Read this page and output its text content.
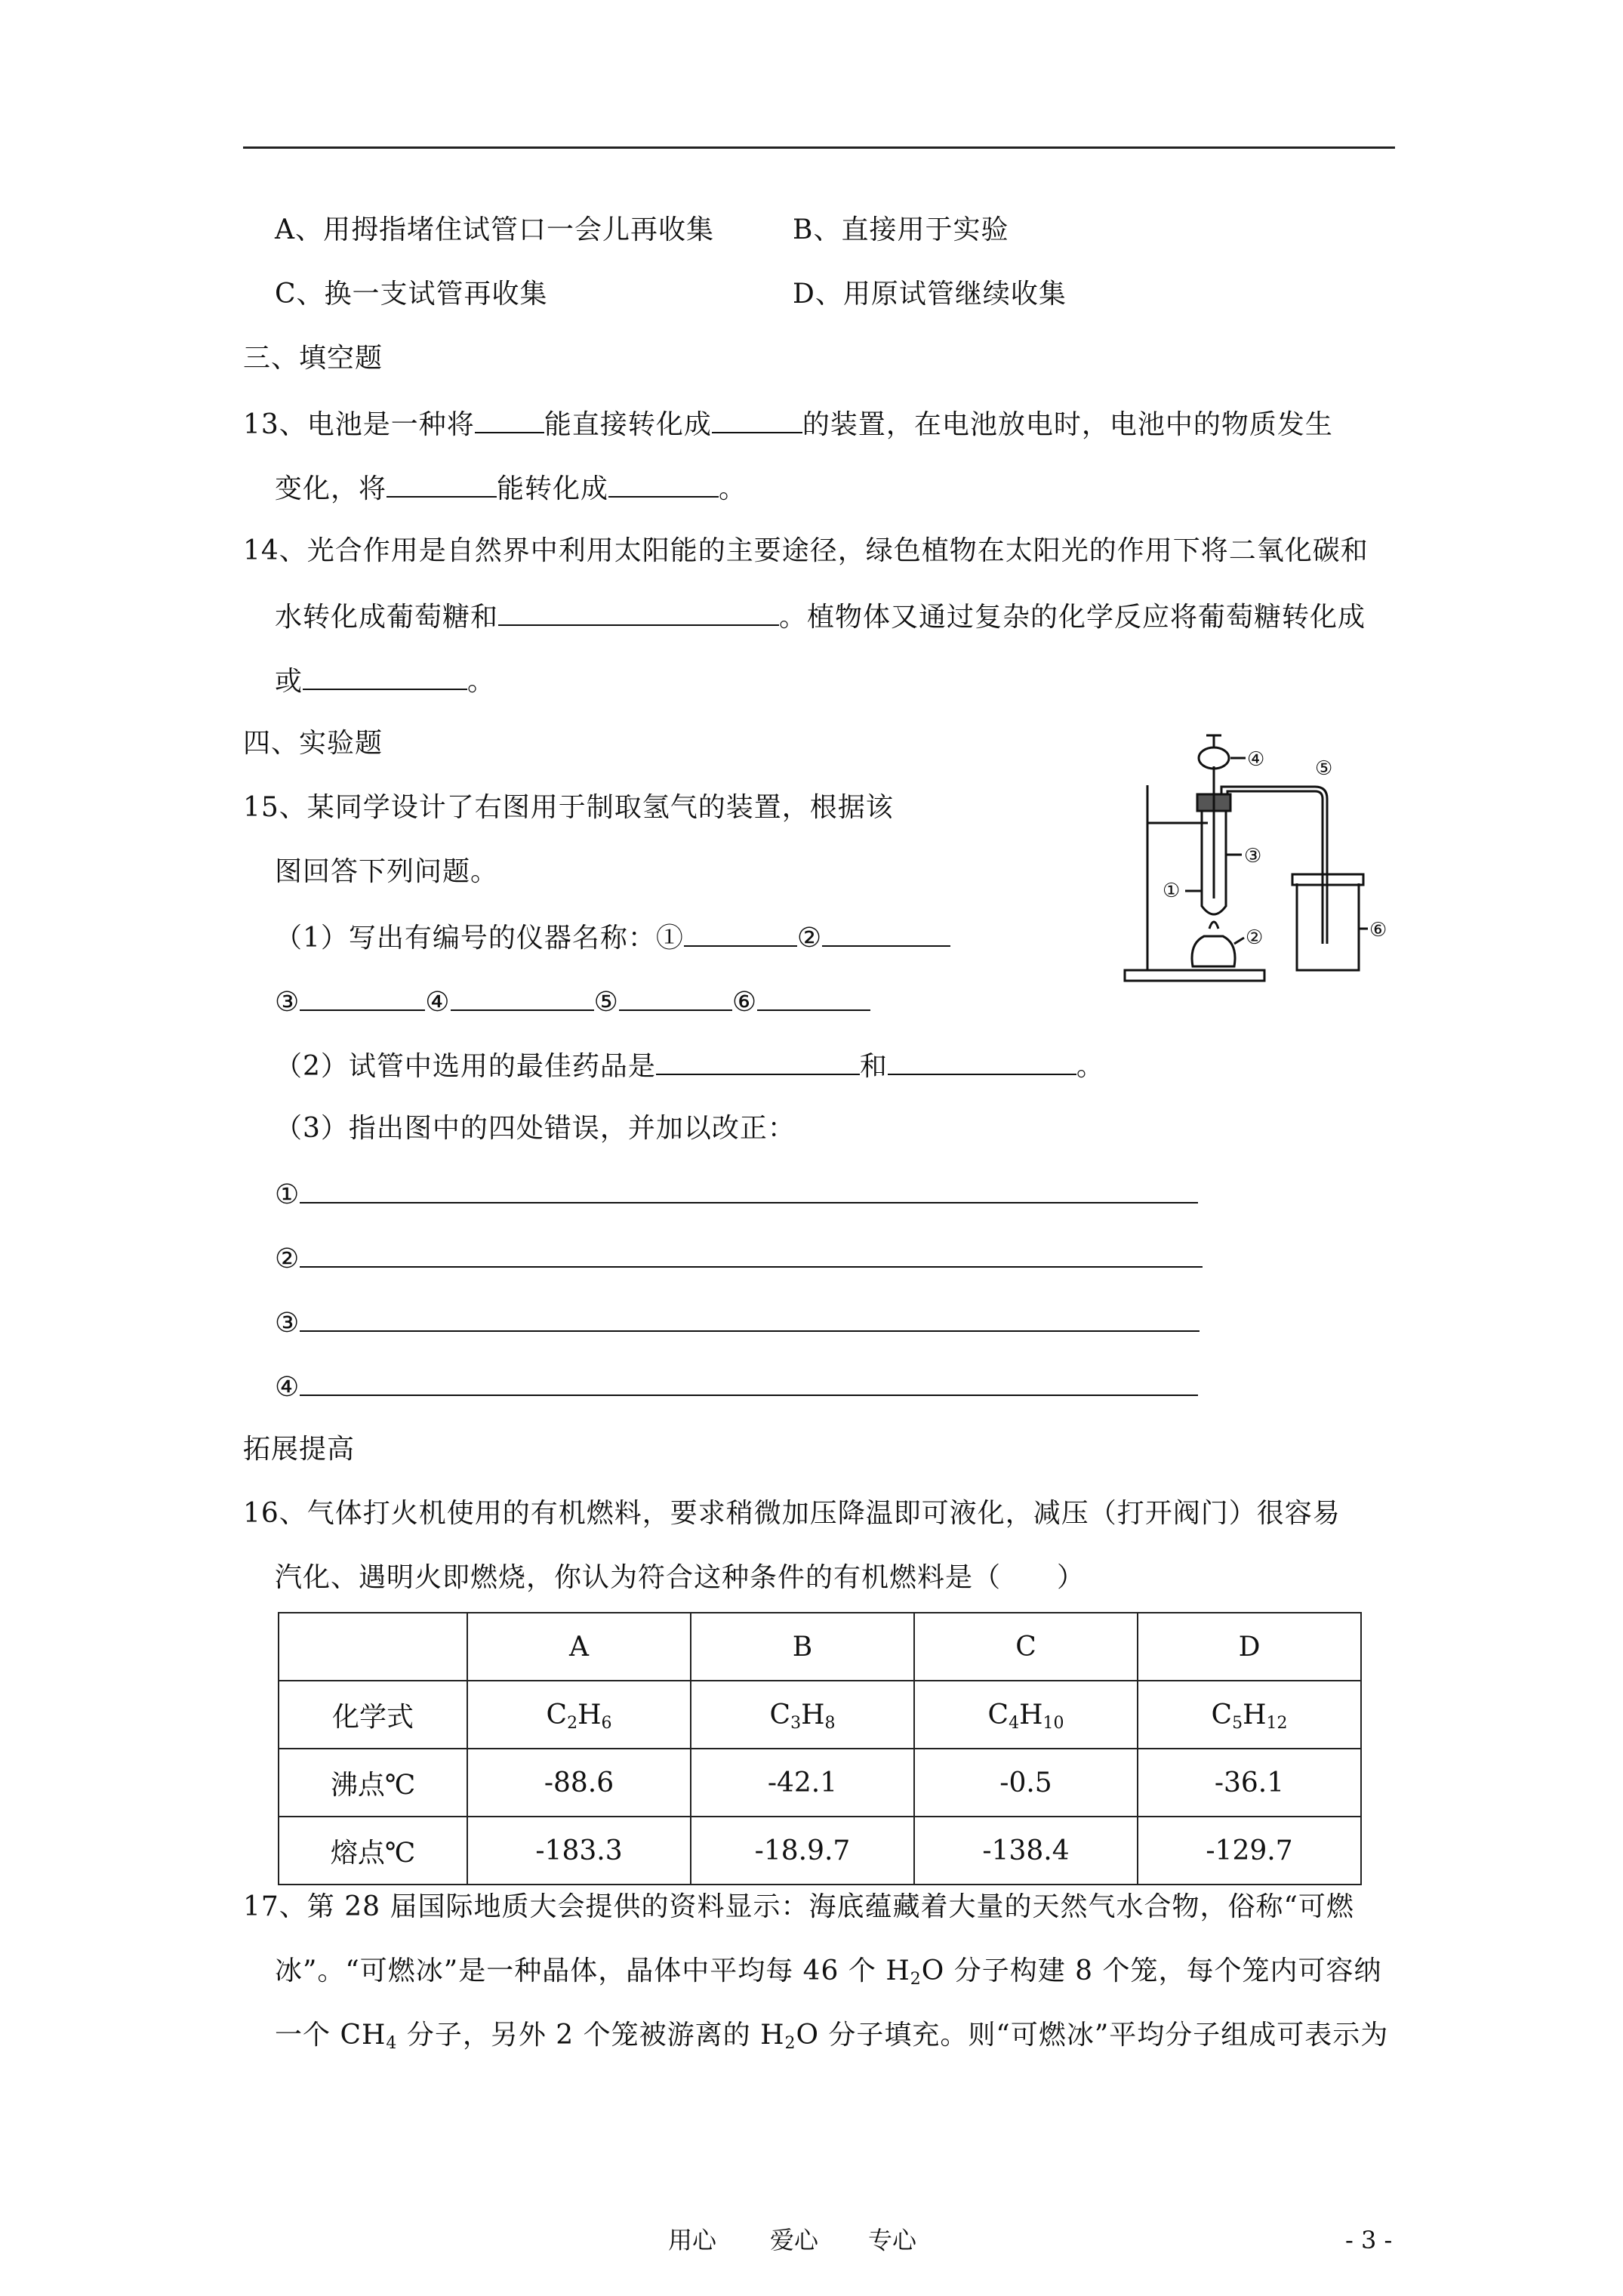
A、用拇指堵住试管口一会儿再收集	B、直接用于实验
C、换一支试管再收集	D、用原试管继续收集
三、填空题
13、电池是一种将	能直接转化成	的装置，在电池放电时，电池中的物质发生
变化，将	能转化成	。
14、光合作用是自然界中利用太阳能的主要途径，绿色植物在太阳光的作用下将二氧化碳和
水转化成葡萄糖和	。植物体又通过复杂的化学反应将葡萄糖转化成
或	。
四、实验题
15、某同学设计了右图用于制取氢气的装置，根据该
图回答下列问题。
（1）写出有编号的仪器名称：①	②
③	④	⑤	⑥
（2）试管中选用的最佳药品是	和	。
（3）指出图中的四处错误，并加以改正：
①
②
③
④
④	⑤
③
①
②	⑥
拓展提高
16、气体打火机使用的有机燃料，要求稍微加压降温即可液化，减压（打开阀门）很容易
汽化、遇明火即燃烧，你认为符合这种条件的有机燃料是（　　）
	A	B	C	D
化学式	$C_2H_6$	$C_3H_8$	$C_4H_{10}$	$C_5H_{12}$
沸点℃	-88.6	-42.1	-0.5	-36.1
熔点℃	-183.3	-18.9.7	-138.4	-129.7
17、第 28 届国际地质大会提供的资料显示：海底蕴藏着大量的天然气水合物，俗称“可燃
冰”。“可燃冰”是一种晶体，晶体中平均每 46 个 $H_2O$ 分子构建 8 个笼，每个笼内可容纳
一个 $CH_4$ 分子，另外 2 个笼被游离的 $H_2O$ 分子填充。则“可燃冰”平均分子组成可表示为
用心 爱心 专心	- 3 -
